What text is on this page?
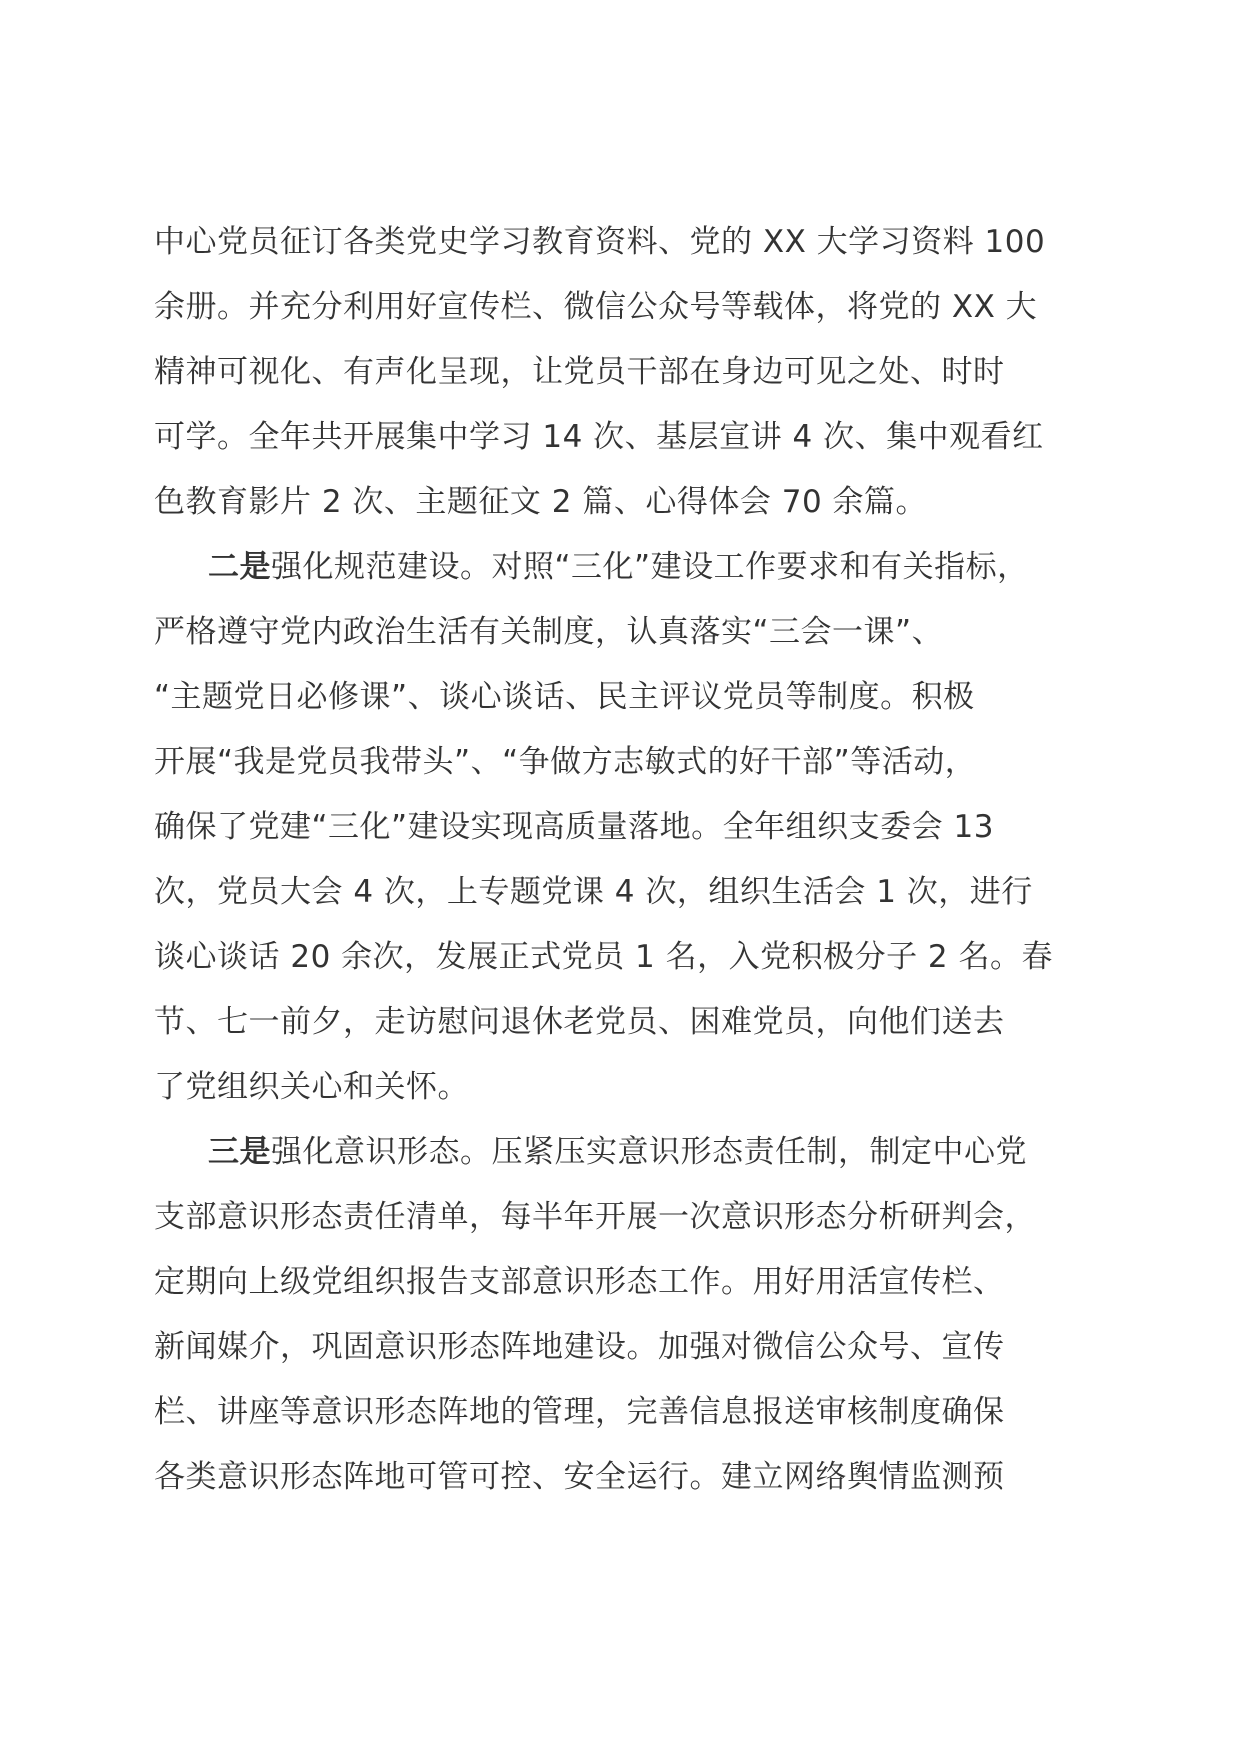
中心党员征订各类党史学习教育资料、党的 XX 大学习资料 100
余册。并充分利用好宣传栏、微信公众号等载体，将党的 XX 大
精神可视化、有声化呈现，让党员干部在身边可见之处、时时
可学。全年共开展集中学习 14 次、基层宣讲 4 次、集中观看红
色教育影片 2 次、主题征文 2 篇、心得体会 70 余篇。
二是强化规范建设。对照“三化”建设工作要求和有关指标，
严格遵守党内政治生活有关制度，认真落实“三会一课”、
“主题党日必修课”、谈心谈话、民主评议党员等制度。积极
开展“我是党员我带头”、“争做方志敏式的好干部”等活动，
确保了党建“三化”建设实现高质量落地。全年组织支委会 13
次，党员大会 4 次，上专题党课 4 次，组织生活会 1 次，进行
谈心谈话 20 余次，发展正式党员 1 名，入党积极分子 2 名。春
节、七一前夕，走访慰问退休老党员、困难党员，向他们送去
了党组织关心和关怀。
三是强化意识形态。压紧压实意识形态责任制，制定中心党
支部意识形态责任清单，每半年开展一次意识形态分析研判会，
定期向上级党组织报告支部意识形态工作。用好用活宣传栏、
新闻媒介，巩固意识形态阵地建设。加强对微信公众号、宣传
栏、讲座等意识形态阵地的管理，完善信息报送审核制度确保
各类意识形态阵地可管可控、安全运行。建立网络舆情监测预
